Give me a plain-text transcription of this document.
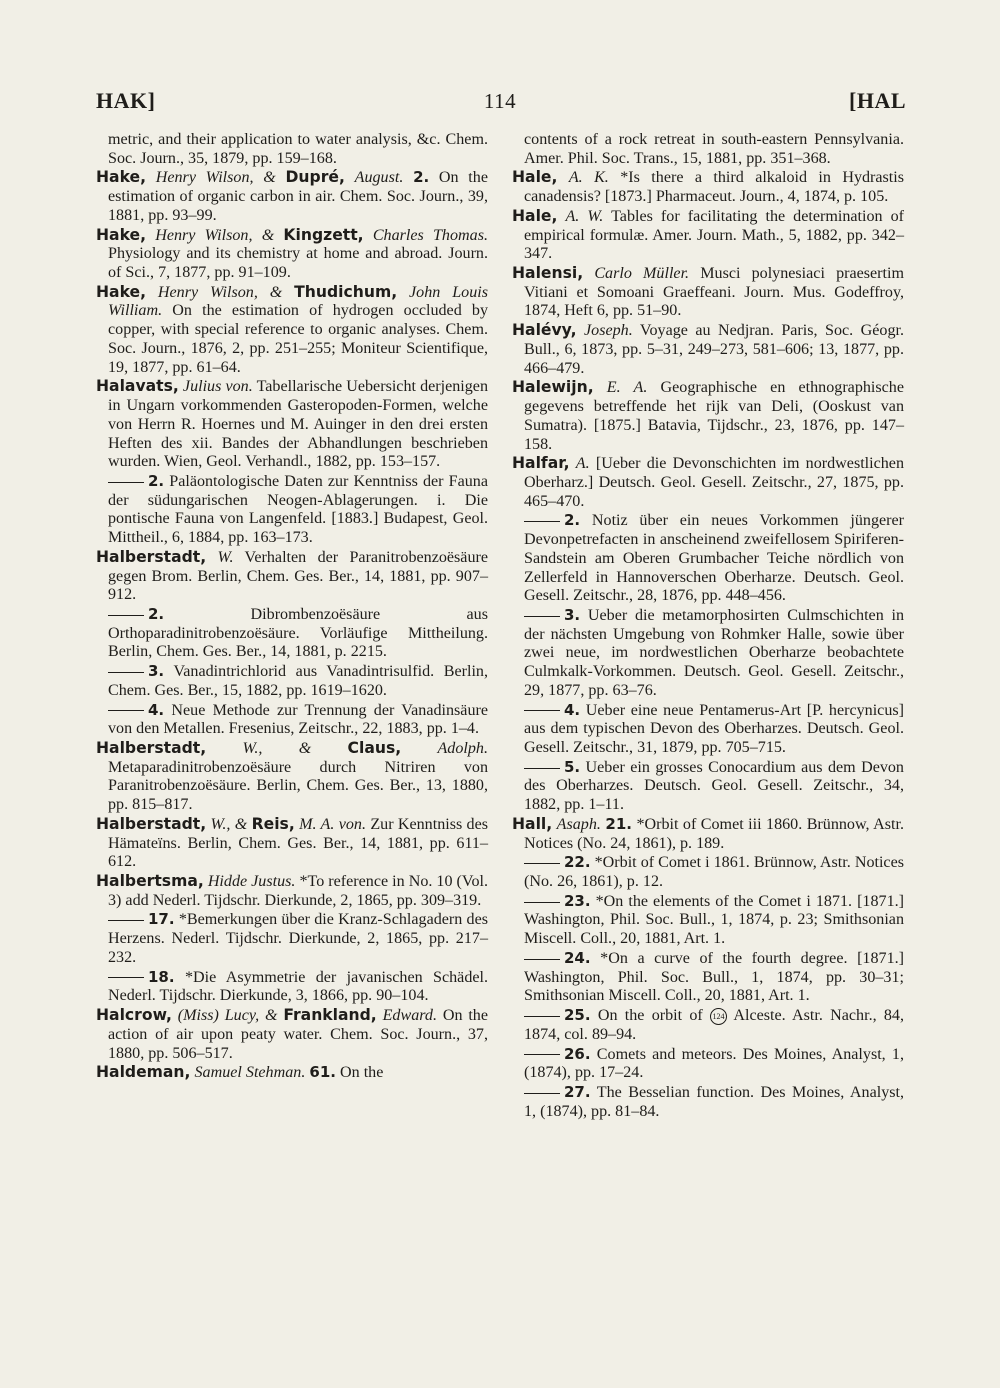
HAK]	114	[HAL
metric, and their application to water analysis, &c. Chem. Soc. Journ., 35, 1879, pp. 159–168.
Hake, Henry Wilson, & Dupré, August. 2. On the estimation of organic carbon in air. Chem. Soc. Journ., 39, 1881, pp. 93–99.
Hake, Henry Wilson, & Kingzett, Charles Thomas. Physiology and its chemistry at home and abroad. Journ. of Sci., 7, 1877, pp. 91–109.
Hake, Henry Wilson, & Thudichum, John Louis William. On the estimation of hydrogen occluded by copper, with special reference to organic analyses. Chem. Soc. Journ., 1876, 2, pp. 251–255; Moniteur Scientifique, 19, 1877, pp. 61–64.
Halavats, Julius von. Tabellarische Uebersicht derjenigen in Ungarn vorkommenden Gasteropoden-Formen, welche von Herrn R. Hoernes und M. Auinger in den drei ersten Heften des xii. Bandes der Abhandlungen beschrieben wurden. Wien, Geol. Verhandl., 1882, pp. 153–157.
2. Paläontologische Daten zur Kenntniss der Fauna der südungarischen Neogen-Ablagerungen. i. Die pontische Fauna von Langenfeld. [1883.] Budapest, Geol. Mittheil., 6, 1884, pp. 163–173.
Halberstadt, W. Verhalten der Paranitrobenzoësäure gegen Brom. Berlin, Chem. Ges. Ber., 14, 1881, pp. 907–912.
2.	Dibrombenzoësäure aus Orthoparadinitrobenzoësäure. Vorläufige Mittheilung. Berlin, Chem. Ges. Ber., 14, 1881, p. 2215.
3. Vanadintrichlorid aus Vanadintrisulfid. Berlin, Chem. Ges. Ber., 15, 1882, pp. 1619–1620.
4. Neue Methode zur Trennung der Vanadinsäure von den Metallen. Fresenius, Zeitschr., 22, 1883, pp. 1–4.
Halberstadt, W., & Claus, Adolph. Metaparadinitrobenzoësäure durch Nitriren von Paranitrobenzoësäure. Berlin, Chem. Ges. Ber., 13, 1880, pp. 815–817.
Halberstadt, W., & Reis, M. A. von. Zur Kenntniss des Hämateïns. Berlin, Chem. Ges. Ber., 14, 1881, pp. 611–612.
Halbertsma, Hidde Justus. *To reference in No. 10 (Vol. 3) add Nederl. Tijdschr. Dierkunde, 2, 1865, pp. 309–319.
17. *Bemerkungen über die Kranz-Schlagadern des Herzens. Nederl. Tijdschr. Dierkunde, 2, 1865, pp. 217–232.
18. *Die Asymmetrie der javanischen Schädel. Nederl. Tijdschr. Dierkunde, 3, 1866, pp. 90–104.
Halcrow, (Miss) Lucy, & Frankland, Edward. On the action of air upon peaty water. Chem. Soc. Journ., 37, 1880, pp. 506–517.
Haldeman, Samuel Stehman. 61. On the
contents of a rock retreat in south-eastern Pennsylvania. Amer. Phil. Soc. Trans., 15, 1881, pp. 351–368.
Hale, A. K. *Is there a third alkaloid in Hydrastis canadensis? [1873.] Pharmaceut. Journ., 4, 1874, p. 105.
Hale, A. W. Tables for facilitating the determination of empirical formulæ. Amer. Journ. Math., 5, 1882, pp. 342–347.
Halensi, Carlo Müller. Musci polynesiaci praesertim Vitiani et Somoani Graeffeani. Journ. Mus. Godeffroy, 1874, Heft 6, pp. 51–90.
Halévy, Joseph. Voyage au Nedjran. Paris, Soc. Géogr. Bull., 6, 1873, pp. 5–31, 249–273, 581–606; 13, 1877, pp. 466–479.
Halewijn, E. A. Geographische en ethnographische gegevens betreffende het rijk van Deli, (Ooskust van Sumatra). [1875.] Batavia, Tijdschr., 23, 1876, pp. 147–158.
Halfar, A. [Ueber die Devonschichten im nordwestlichen Oberharz.] Deutsch. Geol. Gesell. Zeitschr., 27, 1875, pp. 465–470.
2. Notiz über ein neues Vorkommen jüngerer Devonpetrefacten in anscheinend zweifellosem Spiriferen-Sandstein am Oberen Grumbacher Teiche nördlich von Zellerfeld in Hannoverschen Oberharze. Deutsch. Geol. Gesell. Zeitschr., 28, 1876, pp. 448–456.
3. Ueber die metamorphosirten Culmschichten in der nächsten Umgebung von Rohmker Halle, sowie über zwei neue, im nordwestlichen Oberharze beobachtete Culmkalk-Vorkommen. Deutsch. Geol. Gesell. Zeitschr., 29, 1877, pp. 63–76.
4. Ueber eine neue Pentamerus-Art [P. hercynicus] aus dem typischen Devon des Oberharzes. Deutsch. Geol. Gesell. Zeitschr., 31, 1879, pp. 705–715.
5. Ueber ein grosses Conocardium aus dem Devon des Oberharzes. Deutsch. Geol. Gesell. Zeitschr., 34, 1882, pp. 1–11.
Hall, Asaph. 21. *Orbit of Comet iii 1860. Brünnow, Astr. Notices (No. 24, 1861), p. 189.
22. *Orbit of Comet i 1861. Brünnow, Astr. Notices (No. 26, 1861), p. 12.
23. *On the elements of the Comet i 1871. [1871.] Washington, Phil. Soc. Bull., 1, 1874, p. 23; Smithsonian Miscell. Coll., 20, 1881, Art. 1.
24. *On a curve of the fourth degree. [1871.] Washington, Phil. Soc. Bull., 1, 1874, pp. 30–31; Smithsonian Miscell. Coll., 20, 1881, Art. 1.
25. On the orbit of 124 Alceste. Astr. Nachr., 84, 1874, col. 89–94.
26. Comets and meteors. Des Moines, Analyst, 1, (1874), pp. 17–24.
27. The Besselian function. Des Moines, Analyst, 1, (1874), pp. 81–84.
